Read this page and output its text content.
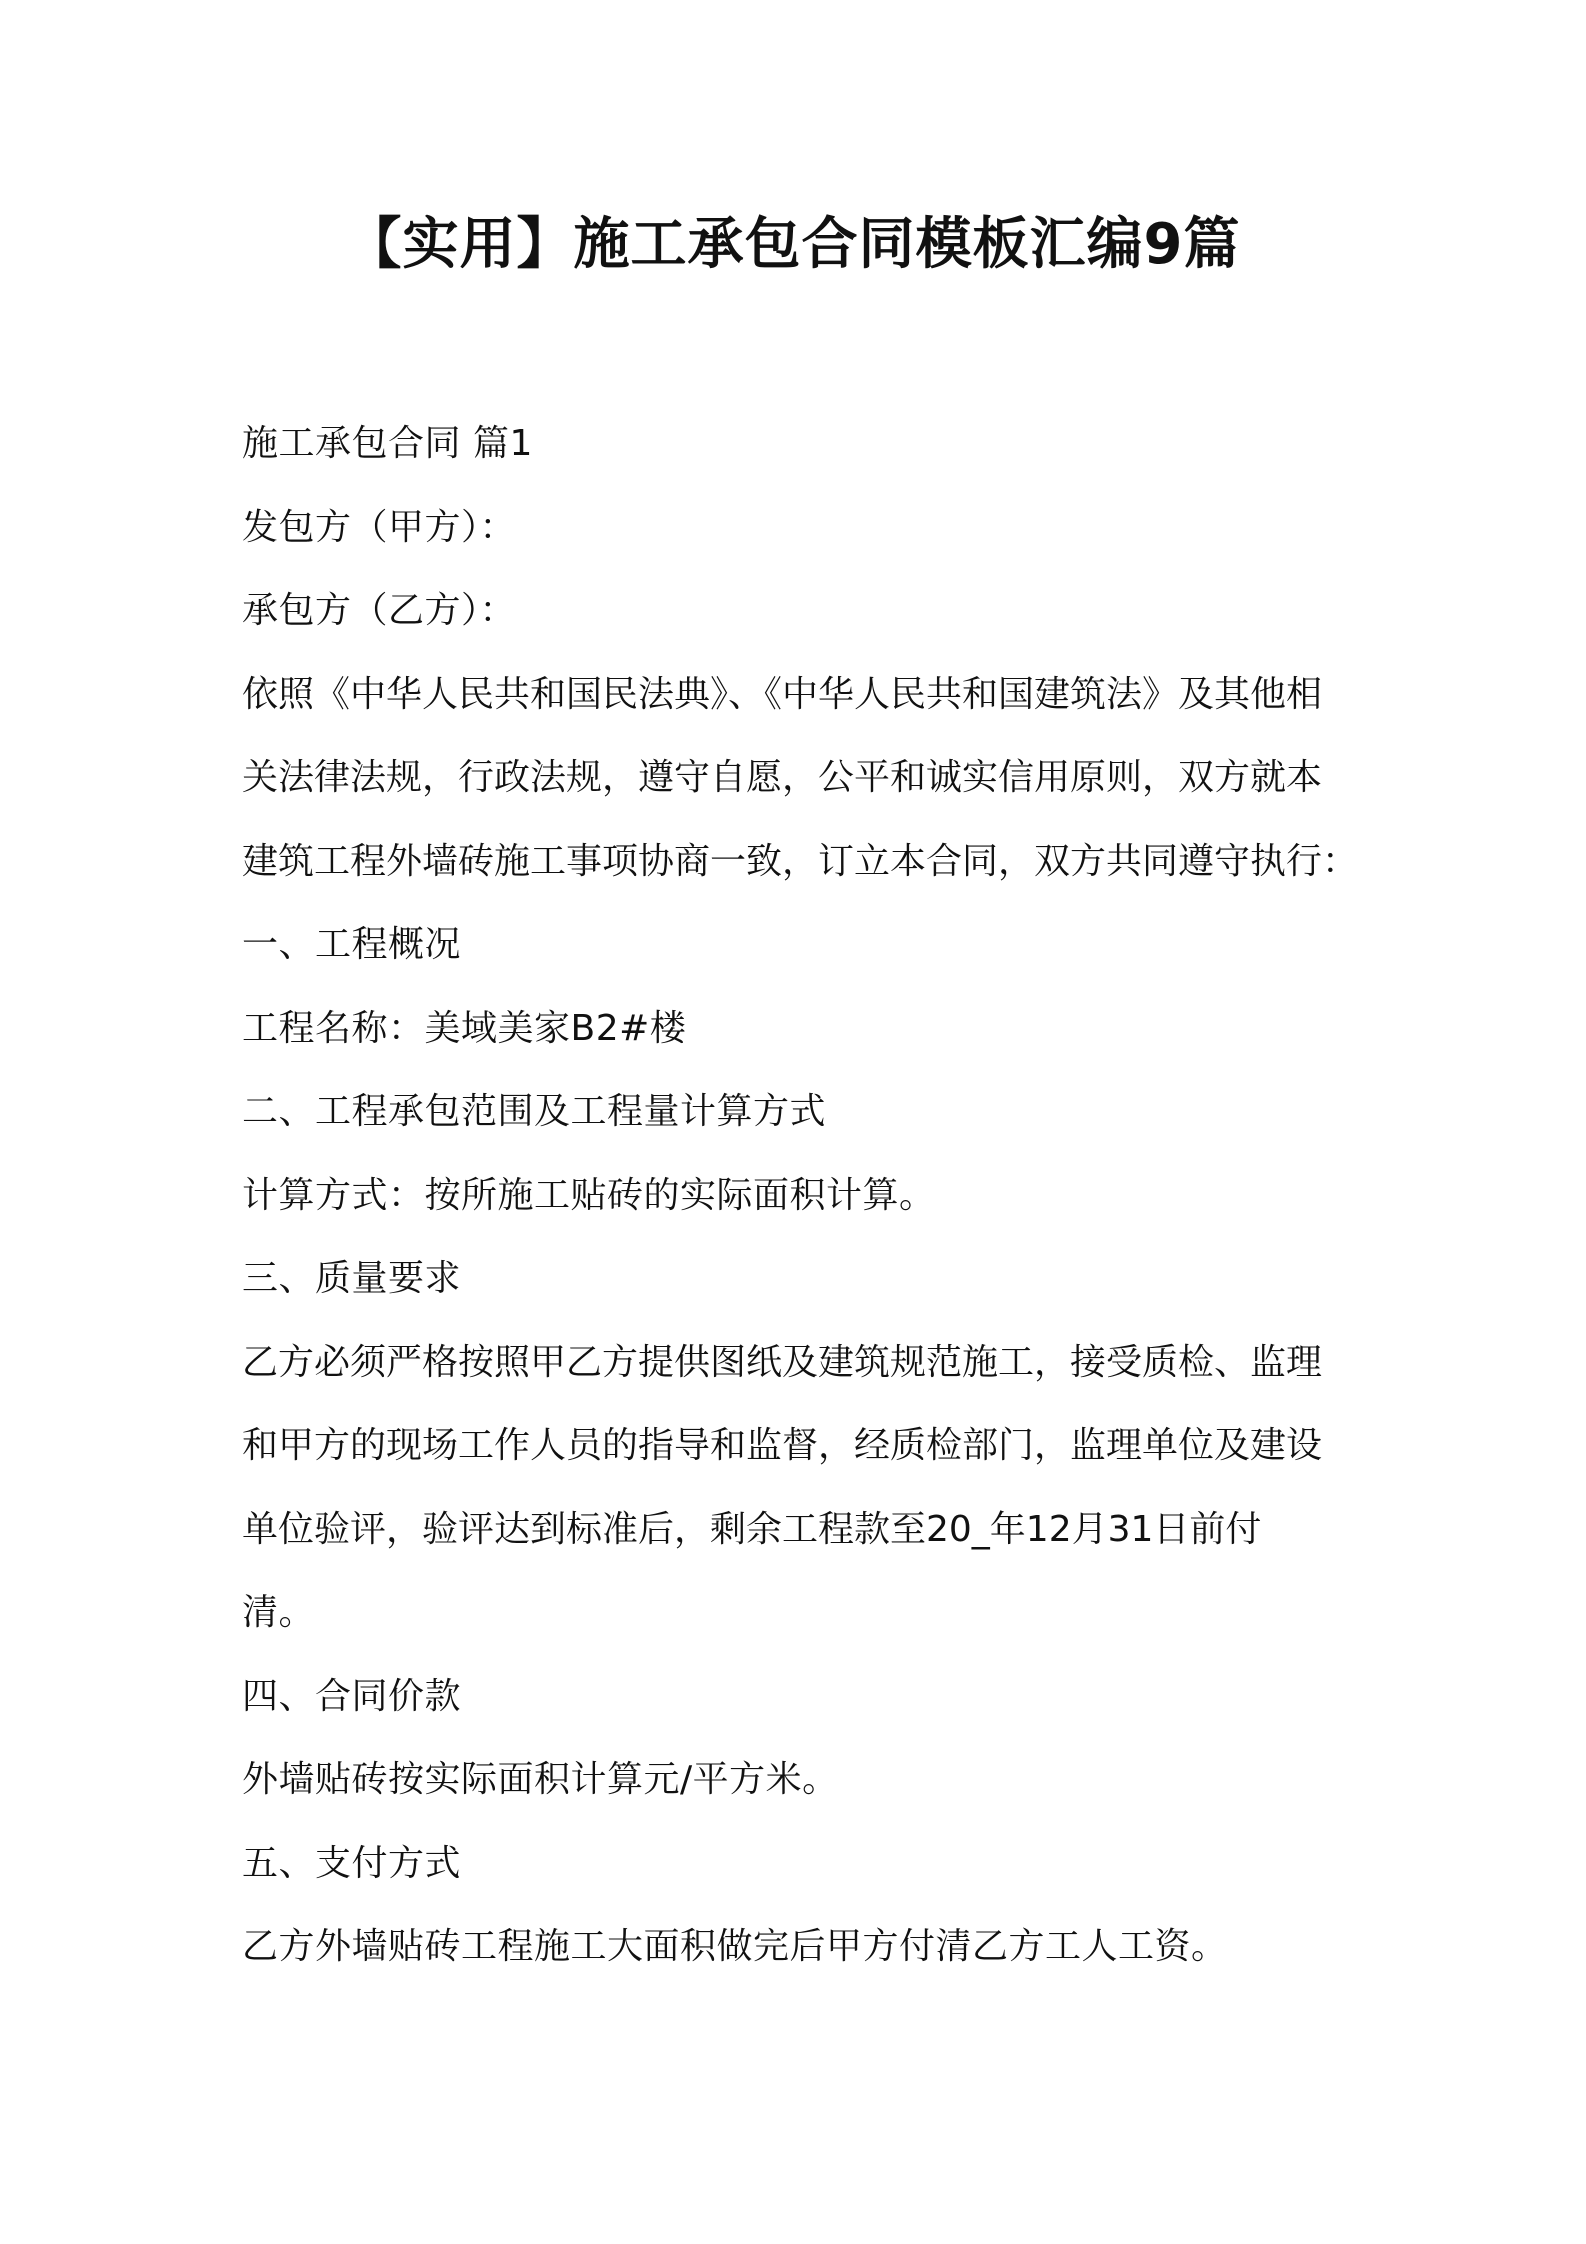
【实用】施工承包合同模板汇编9篇
施工承包合同 篇1
发包方（甲方）：
承包方（乙方）：
依照《中华人民共和国民法典》、《中华人民共和国建筑法》及其他相
关法律法规，行政法规，遵守自愿，公平和诚实信用原则，双方就本
建筑工程外墙砖施工事项协商一致，订立本合同，双方共同遵守执行：
一、工程概况
工程名称：美域美家B2#楼
二、工程承包范围及工程量计算方式
计算方式：按所施工贴砖的实际面积计算。
三、质量要求
乙方必须严格按照甲乙方提供图纸及建筑规范施工，接受质检、监理
和甲方的现场工作人员的指导和监督，经质检部门，监理单位及建设
单位验评，验评达到标准后，剩余工程款至20_年12月31日前付
清。
四、合同价款
外墙贴砖按实际面积计算元/平方米。
五、支付方式
乙方外墙贴砖工程施工大面积做完后甲方付清乙方工人工资。
